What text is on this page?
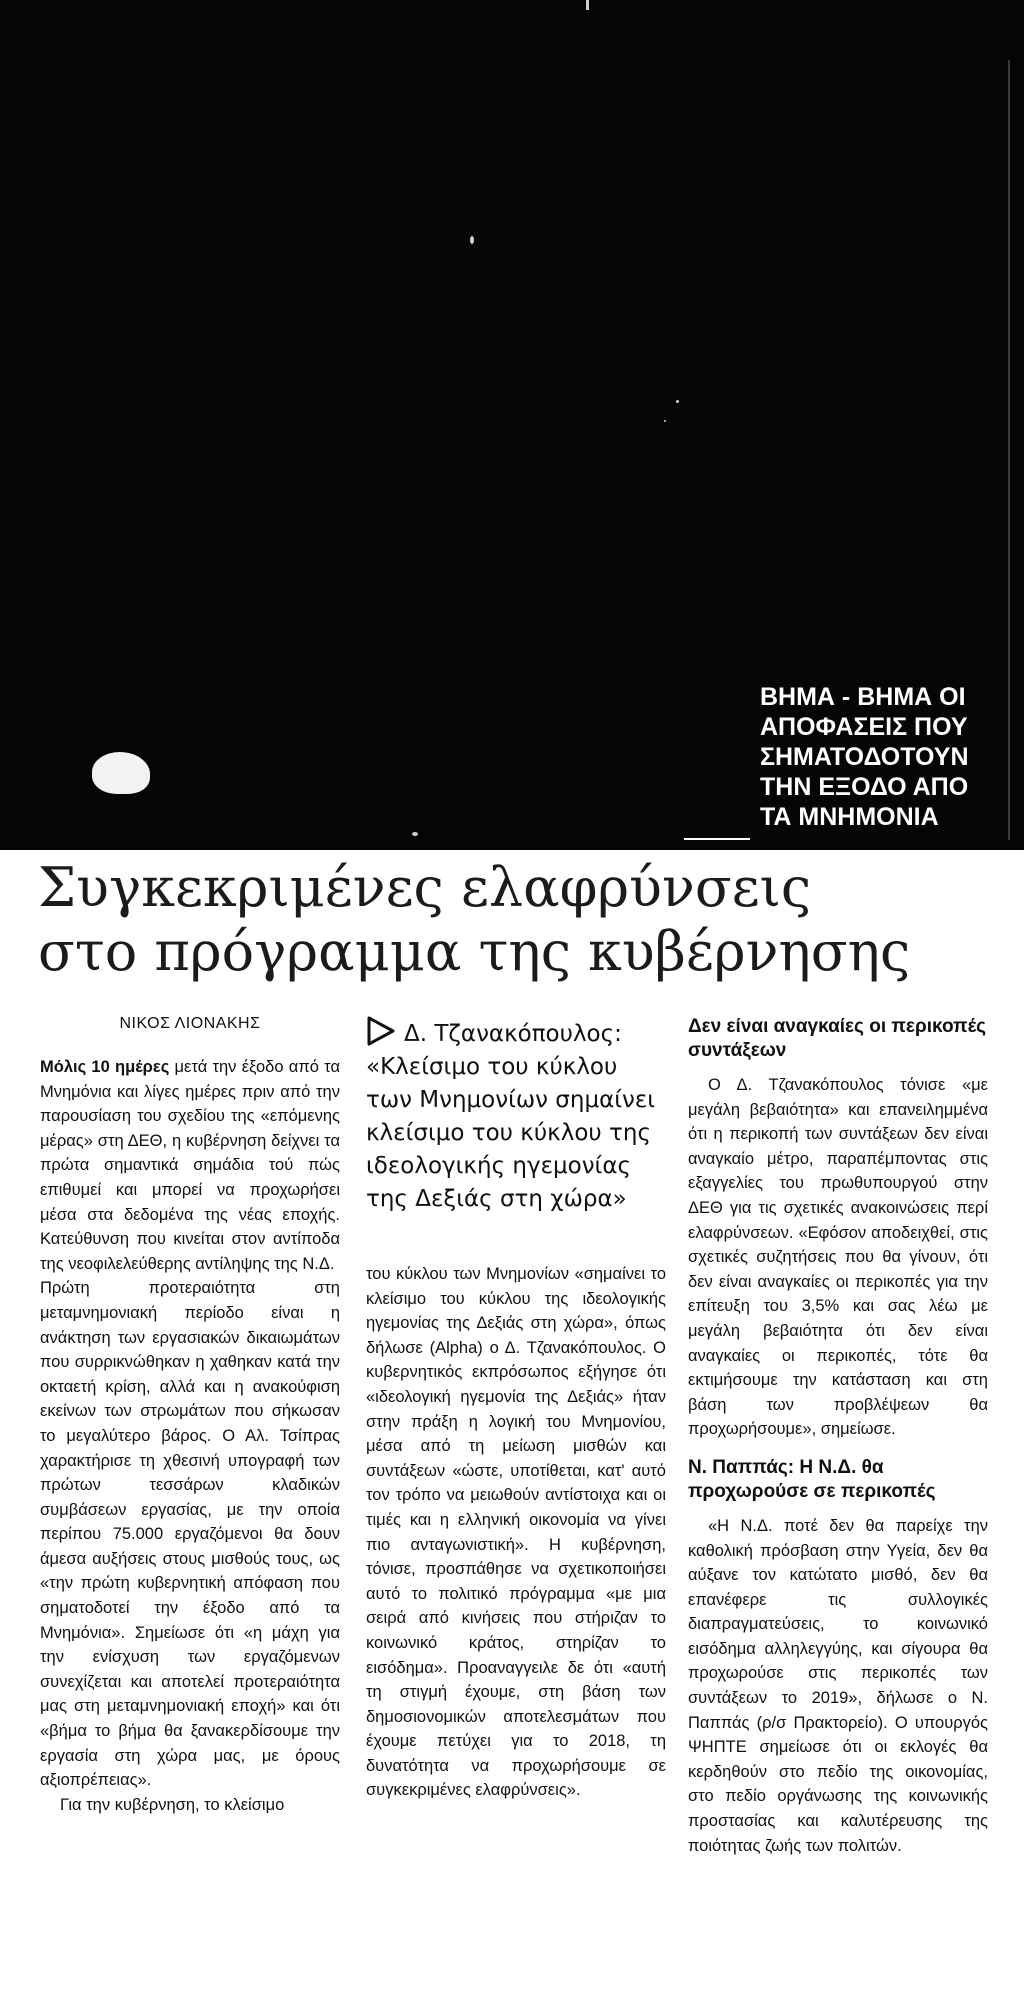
ΒΗΜΑ - ΒΗΜΑ ΟΙ
ΑΠΟΦΑΣΕΙΣ ΠΟΥ
ΣΗΜΑΤΟΔΟΤΟΥΝ
ΤΗΝ ΕΞΟΔΟ ΑΠΟ
ΤΑ ΜΝΗΜΟΝΙΑ
Συγκεκριμένες ελαφρύνσεις
στο πρόγραμμα της κυβέρνησης

ΝΙΚΟΣ ΛΙΟΝΑΚΗΣ

Μόλις 10 ημέρες μετά την έξοδο από τα Μνημόνια και λίγες ημέρες πριν από την παρουσίαση του σχεδίου της «επόμενης μέρας» στη ΔΕΘ, η κυβέρνηση δείχνει τα πρώτα σημαντικά σημάδια τού πώς επιθυμεί και μπορεί να προχωρήσει μέσα στα δεδομένα της νέας εποχής. Κατεύθυνση που κινείται στον αντίποδα της νεοφιλελεύθερης αντίληψης της Ν.Δ.

Πρώτη προτεραιότητα στη μεταμνημονιακή περίοδο είναι η ανάκτηση των εργασιακών δικαιωμάτων που συρρικνώθηκαν η χαθηκαν κατά την οκταετή κρίση, αλλά και η ανακούφιση εκείνων των στρωμάτων που σήκωσαν το μεγαλύτερο βάρος. Ο Αλ. Τσίπρας χαρακτήρισε τη χθεσινή υπογραφή των πρώτων τεσσάρων κλαδικών συμβάσεων εργασίας, με την οποία περίπου 75.000 εργαζόμενοι θα δουν άμεσα αυξήσεις στους μισθούς τους, ως «την πρώτη κυβερνητική απόφαση που σηματοδοτεί την έξοδο από τα Μνημόνια». Σημείωσε ότι «η μάχη για την ενίσχυση των εργαζόμενων συνεχίζεται και αποτελεί προτεραιότητα μας στη μεταμνημονιακή εποχή» και ότι «βήμα το βήμα θα ξανακερδίσουμε την εργασία στη χώρα μας, με όρους αξιοπρέπειας».

Για την κυβέρνηση, το κλείσιμο

Δ. Τζανακόπουλος: «Κλείσιμο του κύκλου των Μνημονίων σημαίνει κλείσιμο του κύκλου της ιδεολογικής ηγεμονίας της Δεξιάς στη χώρα»

του κύκλου των Μνημονίων «σημαίνει το κλείσιμο του κύκλου της ιδεολογικής ηγεμονίας της Δεξιάς στη χώρα», όπως δήλωσε (Alpha) ο Δ. Τζανακόπουλος. Ο κυβερνητικός εκπρόσωπος εξήγησε ότι «ιδεολογική ηγεμονία της Δεξιάς» ήταν στην πράξη η λογική του Μνημονίου, μέσα από τη μείωση μισθών και συντάξεων «ώστε, υποτίθεται, κατ' αυτό τον τρόπο να μειωθούν αντίστοιχα και οι τιμές και η ελληνική οικονομία να γίνει πιο ανταγωνιστική». Η κυβέρνηση, τόνισε, προσπάθησε να σχετικοποιήσει αυτό το πολιτικό πρόγραμμα «με μια σειρά από κινήσεις που στήριζαν το κοινωνικό κράτος, στηρίζαν το εισόδημα». Προαναγγειλε δε ότι «αυτή τη στιγμή έχουμε, στη βάση των δημοσιονομικών αποτελεσμάτων που έχουμε πετύχει για το 2018, τη δυνατότητα να προχωρήσουμε σε συγκεκριμένες ελαφρύνσεις».

Δεν είναι αναγκαίες οι περικοπές συντάξεων

Ο Δ. Τζανακόπουλος τόνισε «με μεγάλη βεβαιότητα» και επανειλημμένα ότι η περικοπή των συντάξεων δεν είναι αναγκαίο μέτρο, παραπέμποντας στις εξαγγελίες του πρωθυπουργού στην ΔΕΘ για τις σχετικές ανακοινώσεις περί ελαφρύνσεων. «Εφόσον αποδειχθεί, στις σχετικές συζητήσεις που θα γίνουν, ότι δεν είναι αναγκαίες οι περικοπές για την επίτευξη του 3,5% και σας λέω με μεγάλη βεβαιότητα ότι δεν είναι αναγκαίες οι περικοπές, τότε θα εκτιμήσουμε την κατάσταση και στη βάση των προβλέψεων θα προχωρήσουμε», σημείωσε.

Ν. Παππάς: Η Ν.Δ. θα προχωρούσε σε περικοπές

«Η Ν.Δ. ποτέ δεν θα παρείχε την καθολική πρόσβαση στην Υγεία, δεν θα αύξανε τον κατώτατο μισθό, δεν θα επανέφερε τις συλλογικές διαπραγματεύσεις, το κοινωνικό εισόδημα αλληλεγγύης, και σίγουρα θα προχωρούσε στις περικοπές των συντάξεων το 2019», δήλωσε ο Ν. Παππάς (ρ/σ Πρακτορείο). Ο υπουργός ΨΗΠΤΕ σημείωσε ότι οι εκλογές θα κερδηθούν στο πεδίο της οικονομίας, στο πεδίο οργάνωσης της κοινωνικής προστασίας και καλυτέρευσης της ποιότητας ζωής των πολιτών.
